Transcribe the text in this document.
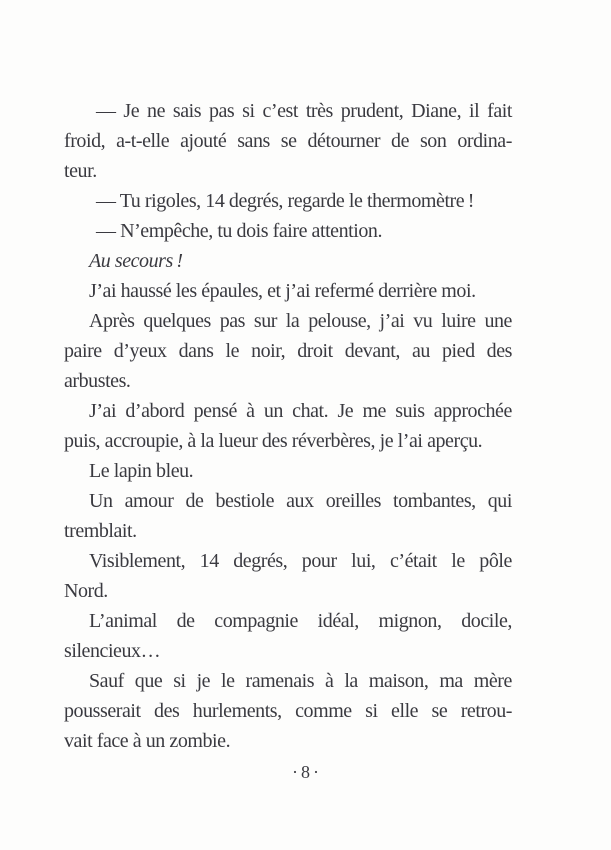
— Je ne sais pas si c’est très prudent, Diane, il fait
froid, a-t-elle ajouté sans se détourner de son ordina-
teur.
— Tu rigoles, 14 degrés, regarde le thermomètre !
— N’empêche, tu dois faire attention.
Au secours !
J’ai haussé les épaules, et j’ai refermé derrière moi.
Après quelques pas sur la pelouse, j’ai vu luire une
paire d’yeux dans le noir, droit devant, au pied des
arbustes.
J’ai d’abord pensé à un chat. Je me suis approchée
puis, accroupie, à la lueur des réverbères, je l’ai aperçu.
Le lapin bleu.
Un amour de bestiole aux oreilles tombantes, qui
tremblait.
Visiblement, 14 degrés, pour lui, c’était le pôle
Nord.
L’animal de compagnie idéal, mignon, docile,
silencieux…
Sauf que si je le ramenais à la maison, ma mère
pousserait des hurlements, comme si elle se retrou-
vait face à un zombie.
·8·
